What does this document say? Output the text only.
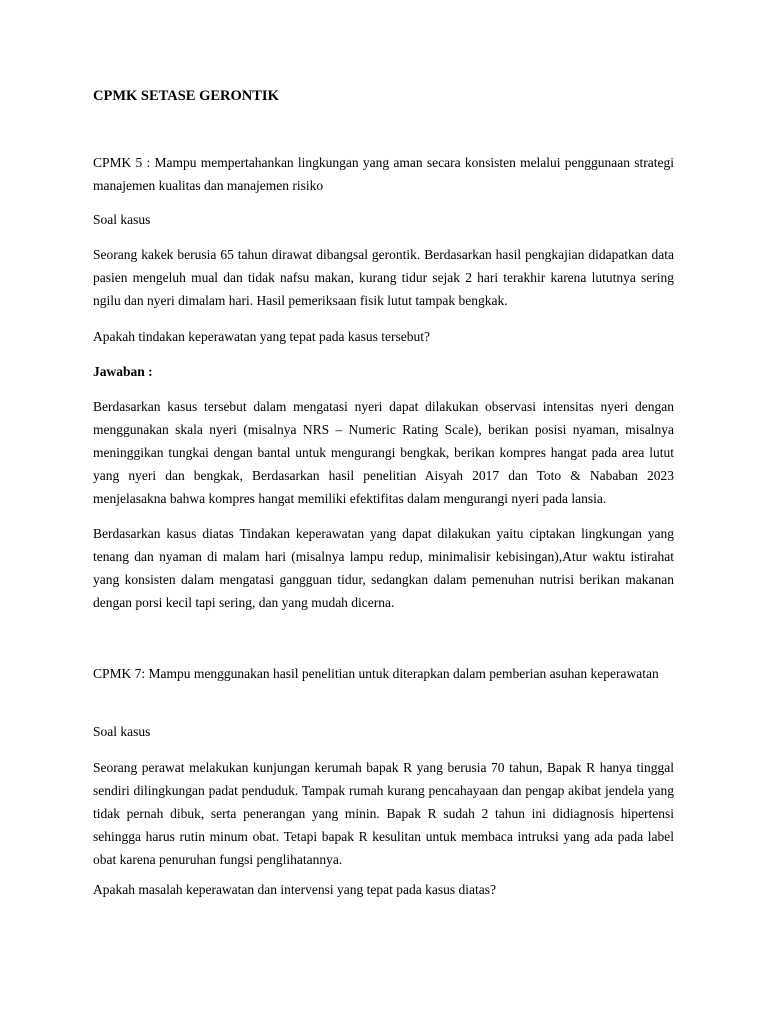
CPMK SETASE GERONTIK

CPMK 5 : Mampu mempertahankan lingkungan yang aman secara konsisten melalui penggunaan strategi manajemen kualitas dan manajemen risiko

Soal kasus

Seorang kakek berusia 65 tahun dirawat dibangsal gerontik. Berdasarkan hasil pengkajian didapatkan data pasien mengeluh mual dan tidak nafsu makan, kurang tidur sejak 2 hari terakhir karena lututnya sering ngilu dan nyeri dimalam hari. Hasil pemeriksaan fisik lutut tampak bengkak.

Apakah tindakan keperawatan yang tepat pada kasus tersebut?

Jawaban :

Berdasarkan kasus tersebut dalam mengatasi nyeri dapat dilakukan observasi intensitas nyeri dengan menggunakan skala nyeri (misalnya NRS – Numeric Rating Scale), berikan posisi nyaman, misalnya meninggikan tungkai dengan bantal untuk mengurangi bengkak, berikan kompres hangat pada area lutut yang nyeri dan bengkak, Berdasarkan hasil penelitian Aisyah 2017 dan Toto & Nababan 2023 menjelasakna bahwa kompres hangat memiliki efektifitas dalam mengurangi nyeri pada lansia.

Berdasarkan kasus diatas Tindakan keperawatan yang dapat dilakukan yaitu ciptakan lingkungan yang tenang dan nyaman di malam hari (misalnya lampu redup, minimalisir kebisingan),Atur waktu istirahat yang konsisten dalam mengatasi gangguan tidur, sedangkan dalam pemenuhan nutrisi berikan makanan dengan porsi kecil tapi sering, dan yang mudah dicerna.

CPMK 7: Mampu menggunakan hasil penelitian untuk diterapkan dalam pemberian asuhan keperawatan

Soal kasus

Seorang perawat melakukan kunjungan kerumah bapak R yang berusia 70 tahun, Bapak R hanya tinggal sendiri dilingkungan padat penduduk. Tampak rumah kurang pencahayaan dan pengap akibat jendela yang tidak pernah dibuk, serta penerangan yang minin. Bapak R sudah 2 tahun ini didiagnosis hipertensi sehingga harus rutin minum obat. Tetapi bapak R kesulitan untuk membaca intruksi yang ada pada label obat karena penuruhan fungsi penglihatannya.

Apakah masalah keperawatan dan intervensi yang tepat pada kasus diatas?
